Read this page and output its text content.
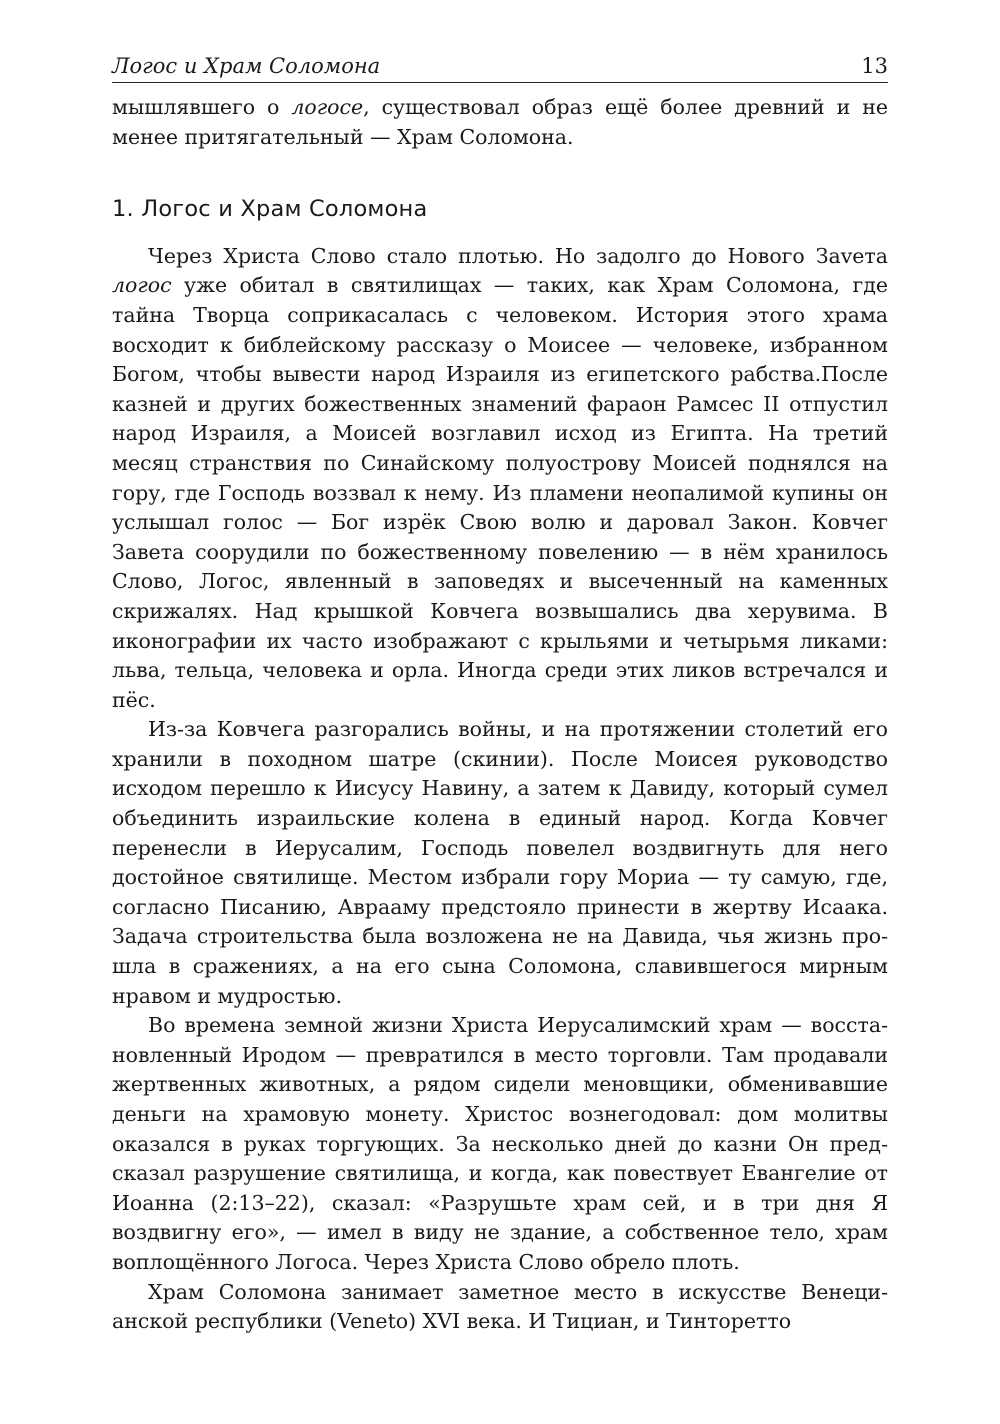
Логос и Храм Соломона	13

мышлявшего о логосе, существовал образ ещё более древний и не менее притягательный — Храм Соломона.

1. Логос и Храм Соломона

Через Христа Слово стало плотью. Но задолго до Нового Заvета логос уже обитал в святилищах — таких, как Храм Соломона, где тайна Творца соприкасалась с человеком. История этого храма восходит к библейскому рассказу о Моисее — человеке, избранном Богом, чтобы вывести народ Израиля из египетского рабства.После казней и других божественных знамений фараон Рамсес II отпустил народ Израиля, а Моисей возглавил исход из Египта. На третий месяц странствия по Синайскому полуострову Моисей поднялся на гору, где Господь воззвал к нему. Из пламени неопалимой купины он услышал голос — Бог изрёк Свою волю и даровал Закон. Ковчег Завета соорудили по божественному повелению — в нём хранилось Слово, Логос, явленный в заповедях и высеченный на каменных скрижалях. Над крышкой Ковчега возвышались два херувима. В иконографии их часто изображают с крыльями и четырьмя ликами: льва, тельца, человека и орла. Иногда среди этих ликов встречался и пёс.

Из-за Ковчега разгорались войны, и на протяжении столетий его хранили в походном шатре (скинии). После Моисея руководство исходом перешло к Иисусу Навину, а затем к Давиду, который сумел объединить израильские колена в единый народ. Когда Ковчег перенесли в Иерусалим, Господь повелел воздвигнуть для него достойное святилище. Местом избрали гору Мориа — ту самую, где, согласно Писанию, Аврааму предстояло принести в жертву Исаака. Задача строительства была возложена не на Давида, чья жизнь прошла в сражениях, а на его сына Соломона, славившегося мирным нравом и мудростью.

Во времена земной жизни Христа Иерусалимский храм — восстановленный Иродом — превратился в место торговли. Там продавали жертвенных животных, а рядом сидели меновщики, обменивавшие деньги на храмовую монету. Христос вознегодовал: дом молитвы оказался в руках торгующих. За несколько дней до казни Он предсказал разрушение святилища, и когда, как повествует Евангелие от Иоанна (2:13–22), сказал: «Разрушьте храм сей, и в три дня Я воздвигну его», — имел в виду не здание, а собственное тело, храм воплощённого Логоса. Через Христа Слово обрело плоть.

Храм Соломона занимает заметное место в искусстве Венецианской республики (Veneto) XVI века. И Тициан, и Тинторетто
